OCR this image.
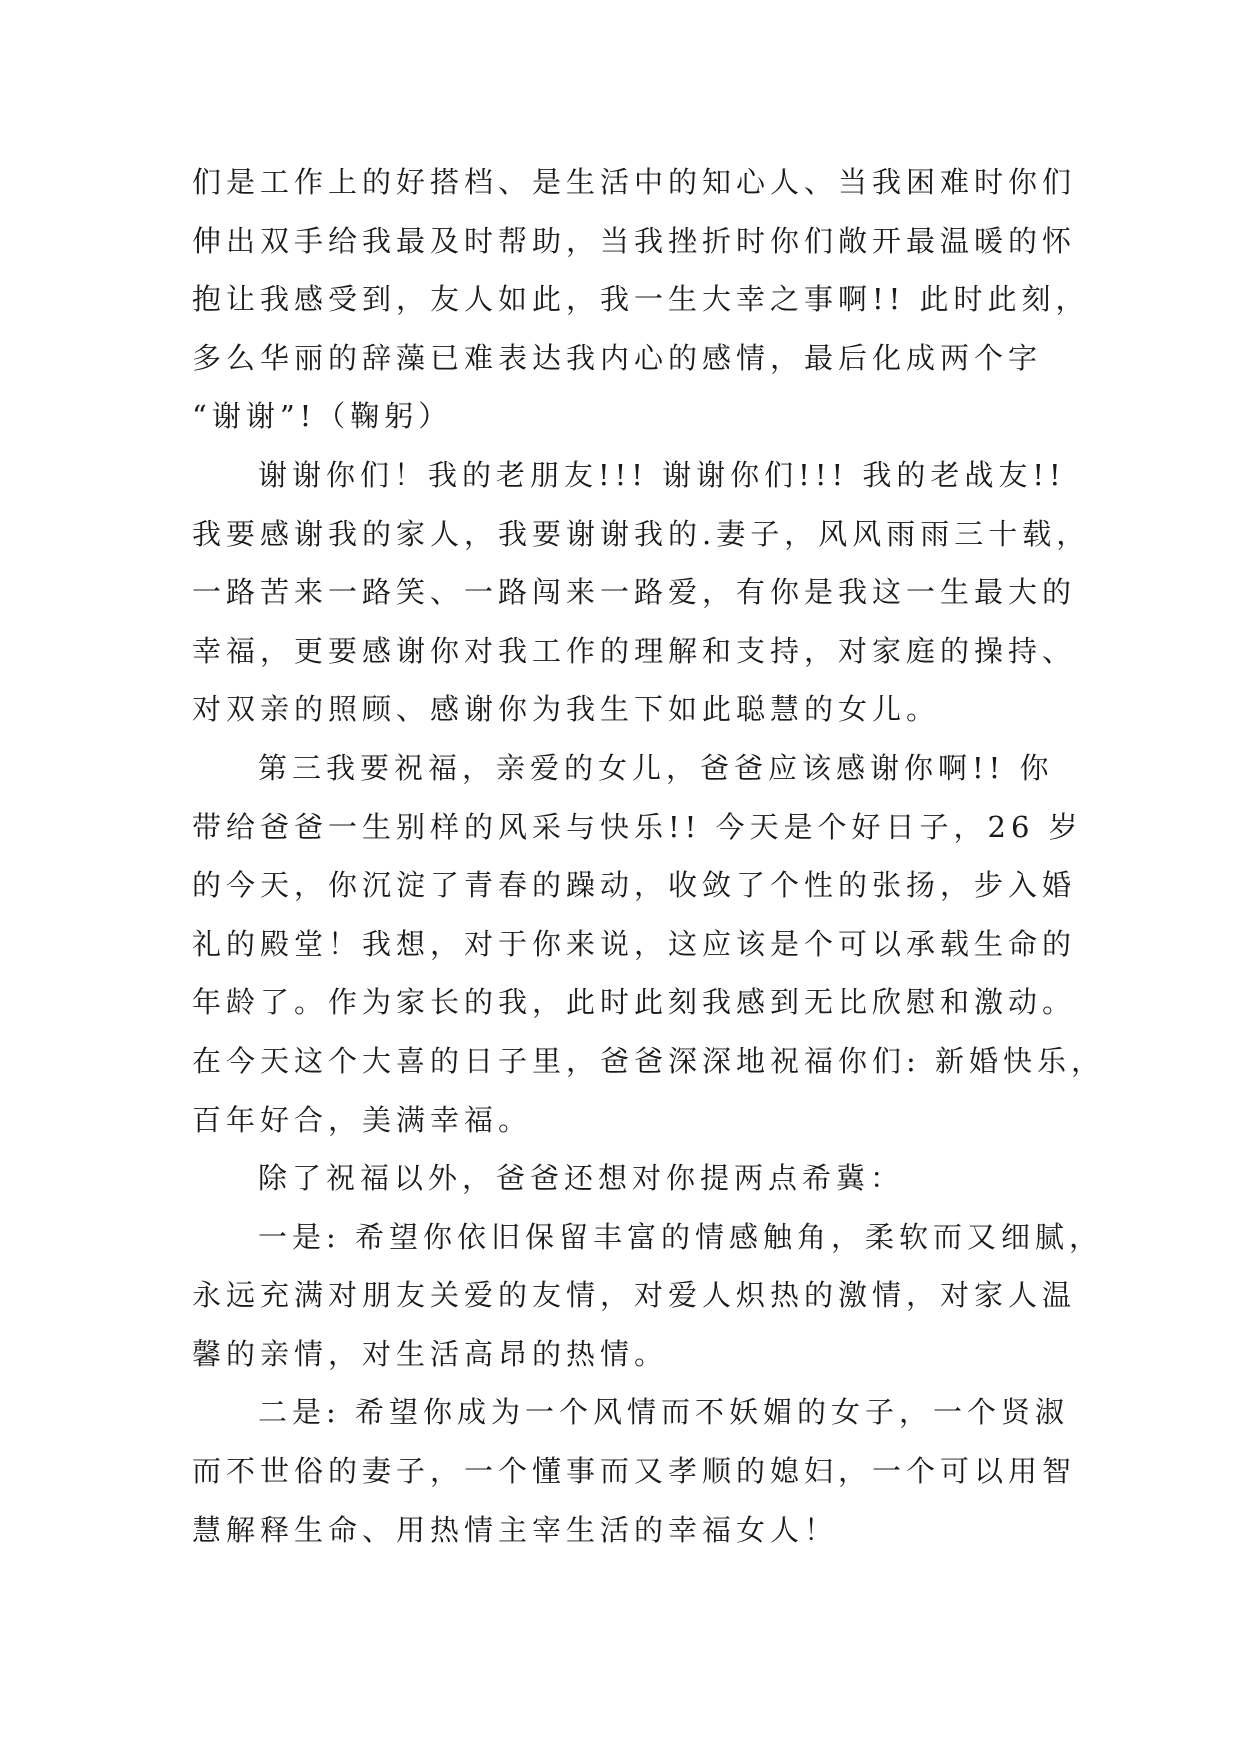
们是工作上的好搭档、是生活中的知心人、当我困难时你们
伸出双手给我最及时帮助，当我挫折时你们敞开最温暖的怀
抱让我感受到，友人如此，我一生大幸之事啊!! 此时此刻，
多么华丽的辞藻已难表达我内心的感情，最后化成两个字
“谢谢”!（鞠躬）
谢谢你们！我的老朋友!!! 谢谢你们!!! 我的老战友!!
我要感谢我的家人，我要谢谢我的.妻子，风风雨雨三十载，
一路苦来一路笑、一路闯来一路爱，有你是我这一生最大的
幸福，更要感谢你对我工作的理解和支持，对家庭的操持、
对双亲的照顾、感谢你为我生下如此聪慧的女儿。
第三我要祝福，亲爱的女儿，爸爸应该感谢你啊!! 你
带给爸爸一生别样的风采与快乐!! 今天是个好日子，26 岁
的今天，你沉淀了青春的躁动，收敛了个性的张扬，步入婚
礼的殿堂！我想，对于你来说，这应该是个可以承载生命的
年龄了。作为家长的我，此时此刻我感到无比欣慰和激动。
在今天这个大喜的日子里，爸爸深深地祝福你们: 新婚快乐，
百年好合，美满幸福。
除了祝福以外，爸爸还想对你提两点希冀：
一是: 希望你依旧保留丰富的情感触角，柔软而又细腻，
永远充满对朋友关爱的友情，对爱人炽热的激情，对家人温
馨的亲情，对生活高昂的热情。
二是: 希望你成为一个风情而不妖媚的女子，一个贤淑
而不世俗的妻子，一个懂事而又孝顺的媳妇，一个可以用智
慧解释生命、用热情主宰生活的幸福女人！
